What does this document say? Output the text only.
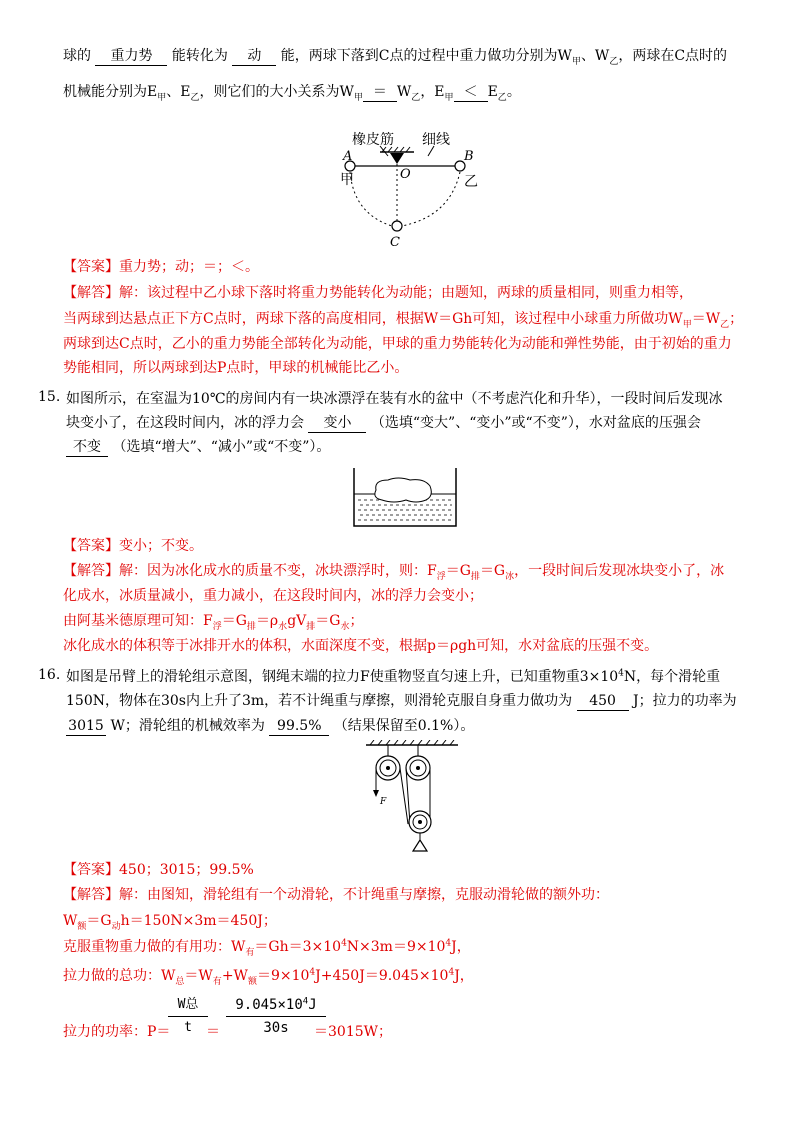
球的 重力势 能转化为 动 能，两球下落到C点的过程中重力做功分别为$W_甲$、$W_乙$，两球在C点时的
机械能分别为$E_甲$、$E_乙$，则它们的大小关系为$W_甲 = W_乙$，$E_甲 < E_乙$。
橡皮筋 细线
A	B
O
C
甲	乙
【答案】重力势；动；＝；＜。
【解答】解：该过程中乙小球下落时将重力势能转化为动能；由题知，两球的质量相同，则重力相等，
当两球到达悬点正下方C点时，两球下落的高度相同，根据W＝Gh可知，该过程中小球重力所做功$W_甲=W_乙$；
两球到达C点时，乙小的重力势能全部转化为动能，甲球的重力势能转化为动能和弹性势能，由于初始的重力
势能相同，所以两球到达P点时，甲球的机械能比乙小。
15. 如图所示，在室温为10℃的房间内有一块冰漂浮在装有水的盆中（不考虑汽化和升华），一段时间后发现冰
块变小了，在这段时间内，冰的浮力会 变小 （选填“变大”、“变小”或“不变”），水对盆底的压强会
不变 （选填“增大”、“减小”或“不变”）。
【答案】变小；不变。
【解答】解：因为冰化成水的质量不变，冰块漂浮时，则：$F_浮=G_排=G_冰$，一段时间后发现冰块变小了，冰
化成水，冰质量减小，重力减小，在这段时间内，冰的浮力会变小；
由阿基米德原理可知：$F_浮=G_排=\rho_水gV_排=G_水$；
冰化成水的体积等于冰排开水的体积，水面深度不变，根据p＝ρgh可知，水对盆底的压强不变。
16. 如图是吊臂上的滑轮组示意图，钢绳末端的拉力F使重物竖直匀速上升，已知重物重$3\times 10^4N$，每个滑轮重
150N，物体在30s内上升了3m，若不计绳重与摩擦，则滑轮克服自身重力做功为 450 J；拉力的功率为
3015 W；滑轮组的机械效率为 99.5% （结果保留至0.1%）。
F
【答案】450；3015；99.5%
【解答】解：由图知，滑轮组有一个动滑轮，不计绳重与摩擦，克服动滑轮做的额外功：
$W_额=G_动h=150N\times 3m=450J$；
克服重物重力做的有用功：$W_有=Gh=3\times 10^4N\times 3m=9\times 10^4J$，
拉力做的总功：$W_总=W_有+W_额=9\times 10^4J+450J=9.045\times 10^4J$，
拉力的功率：P＝
W总
t	＝
$9.045\times 10^4J$
30s	＝3015W；
